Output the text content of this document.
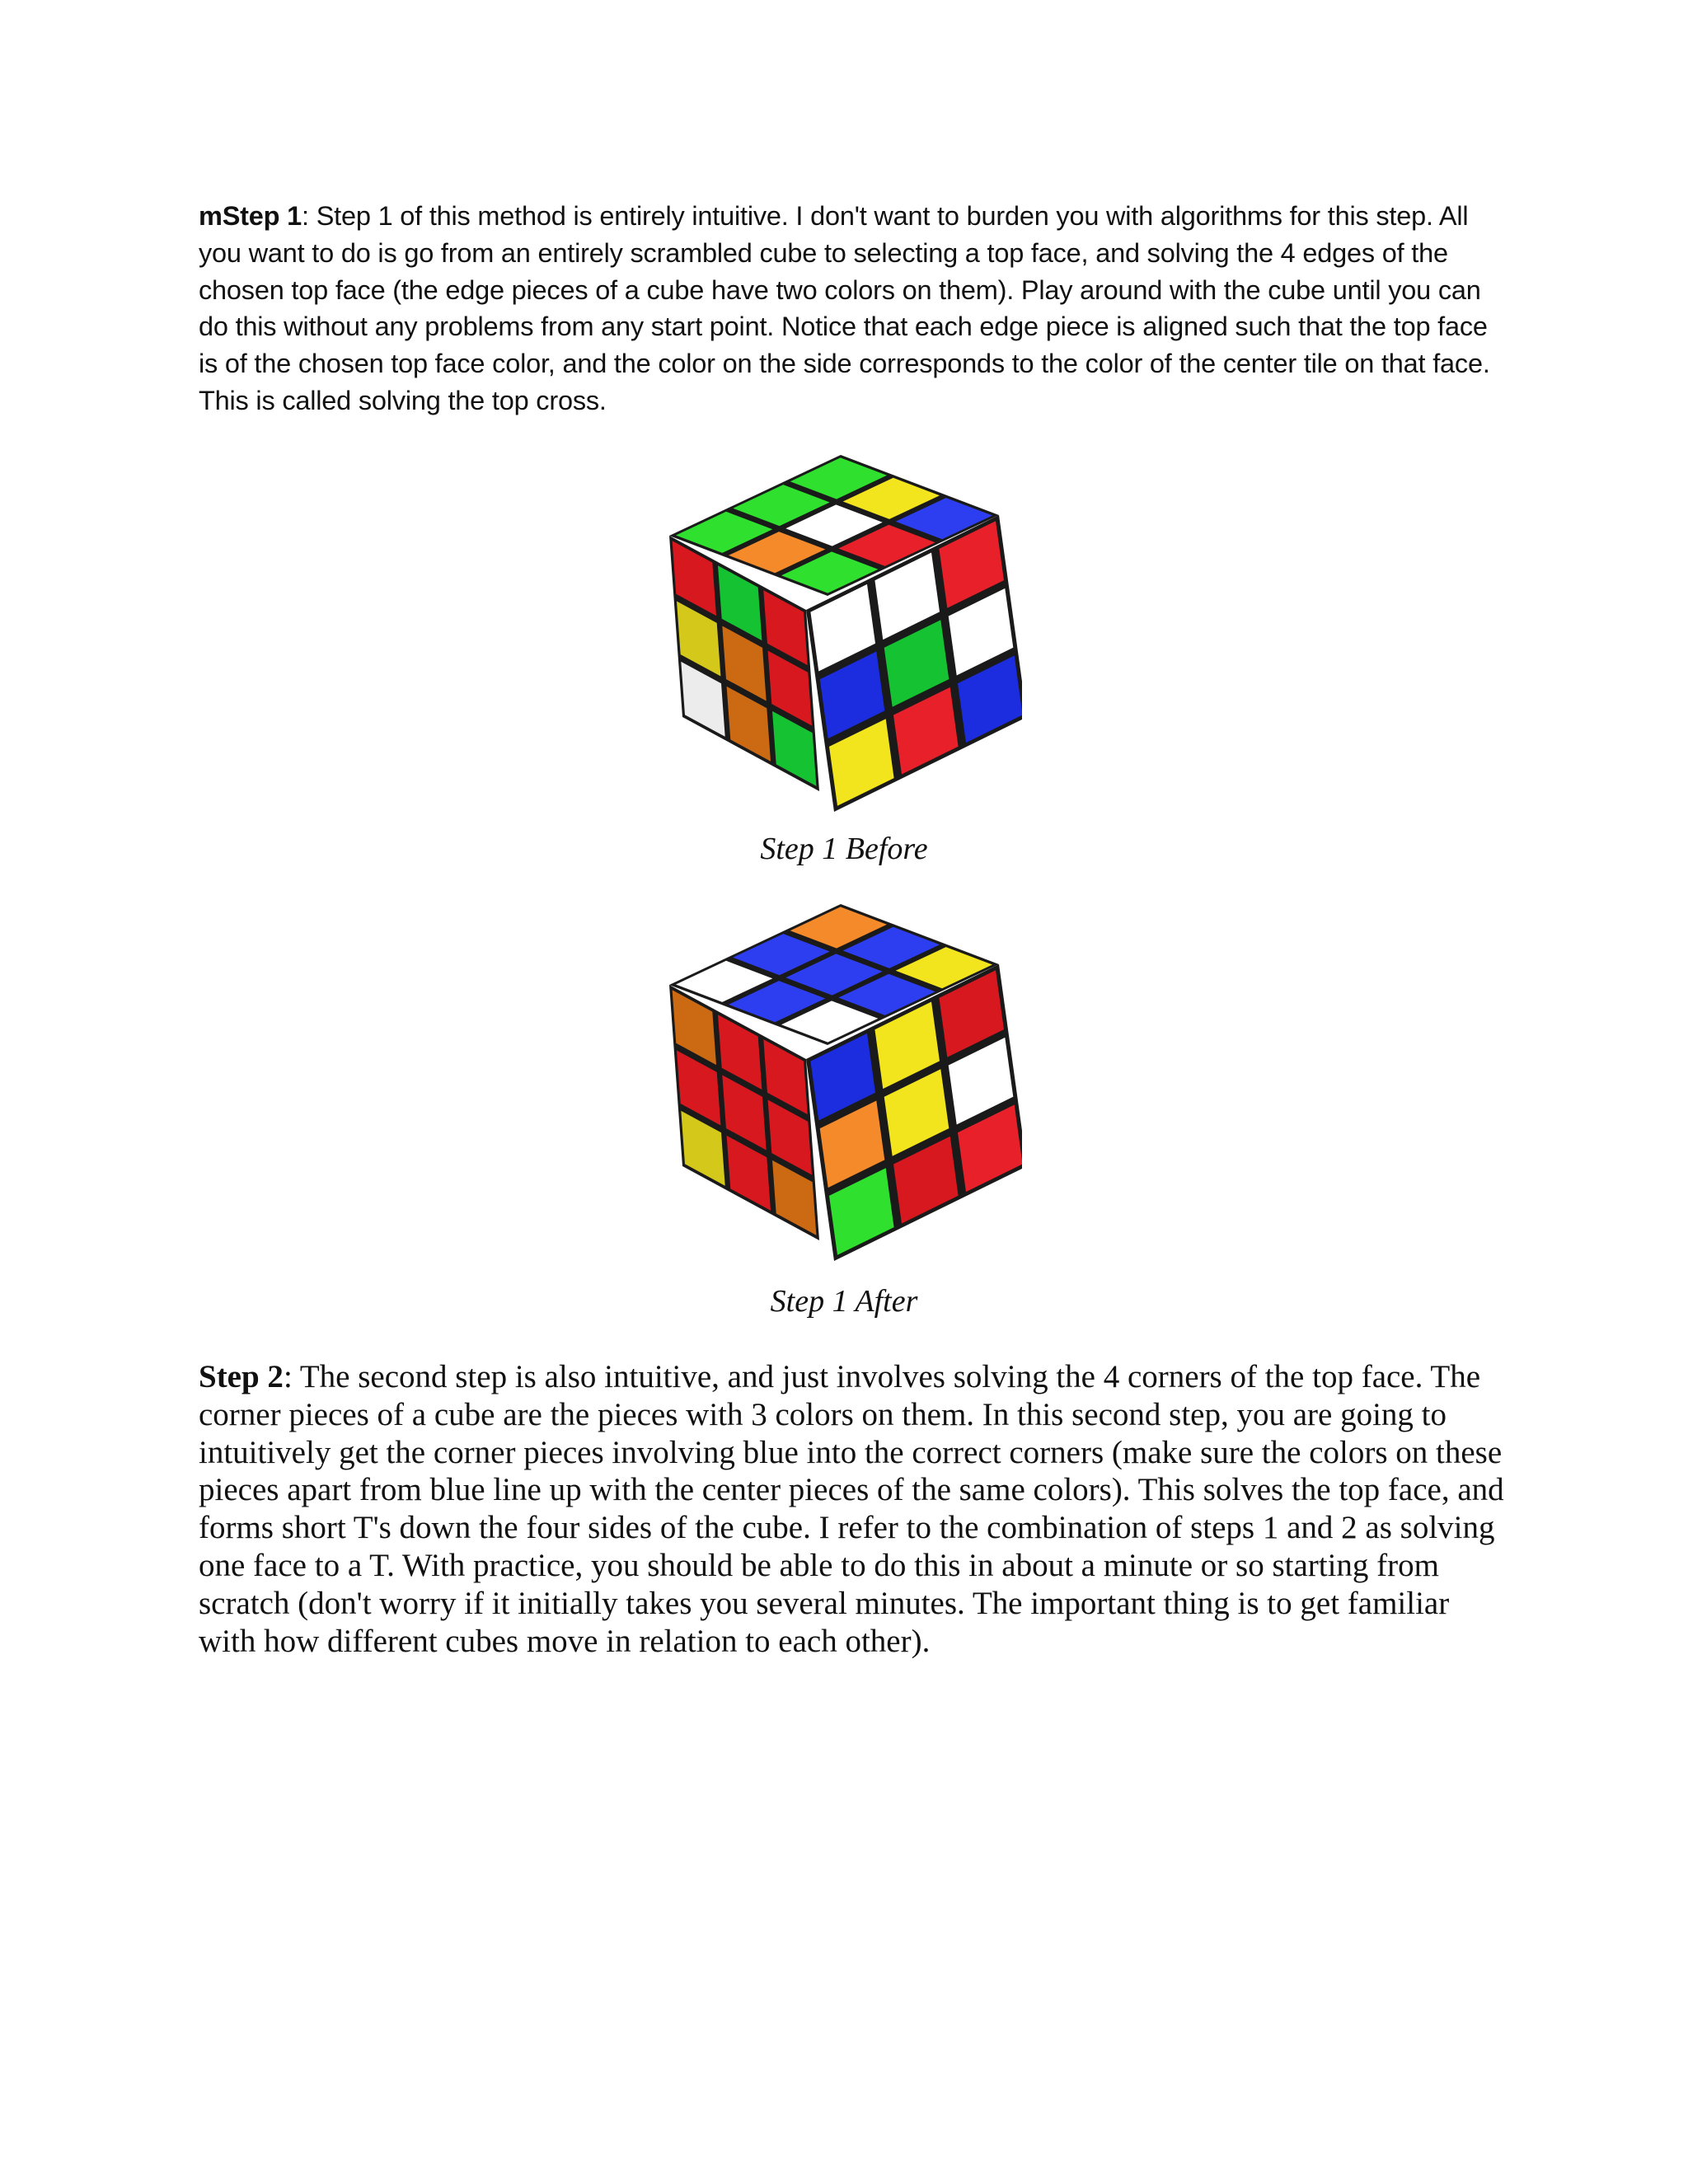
mStep 1: Step 1 of this method is entirely intuitive. I don't want to burden you with algorithms for this step. All you want to do is go from an entirely scrambled cube to selecting a top face, and solving the 4 edges of the chosen top face (the edge pieces of a cube have two colors on them). Play around with the cube until you can do this without any problems from any start point. Notice that each edge piece is aligned such that the top face is of the chosen top face color, and the color on the side corresponds to the color of the center tile on that face. This is called solving the top cross.

Step 1 Before
Step 1 After

Step 2: The second step is also intuitive, and just involves solving the 4 corners of the top face. The corner pieces of a cube are the pieces with 3 colors on them. In this second step, you are going to intuitively get the corner pieces involving blue into the correct corners (make sure the colors on these pieces apart from blue line up with the center pieces of the same colors). This solves the top face, and forms short T's down the four sides of the cube. I refer to the combination of steps 1 and 2 as solving one face to a T. With practice, you should be able to do this in about a minute or so starting from scratch (don't worry if it initially takes you several minutes. The important thing is to get familiar with how different cubes move in relation to each other).
